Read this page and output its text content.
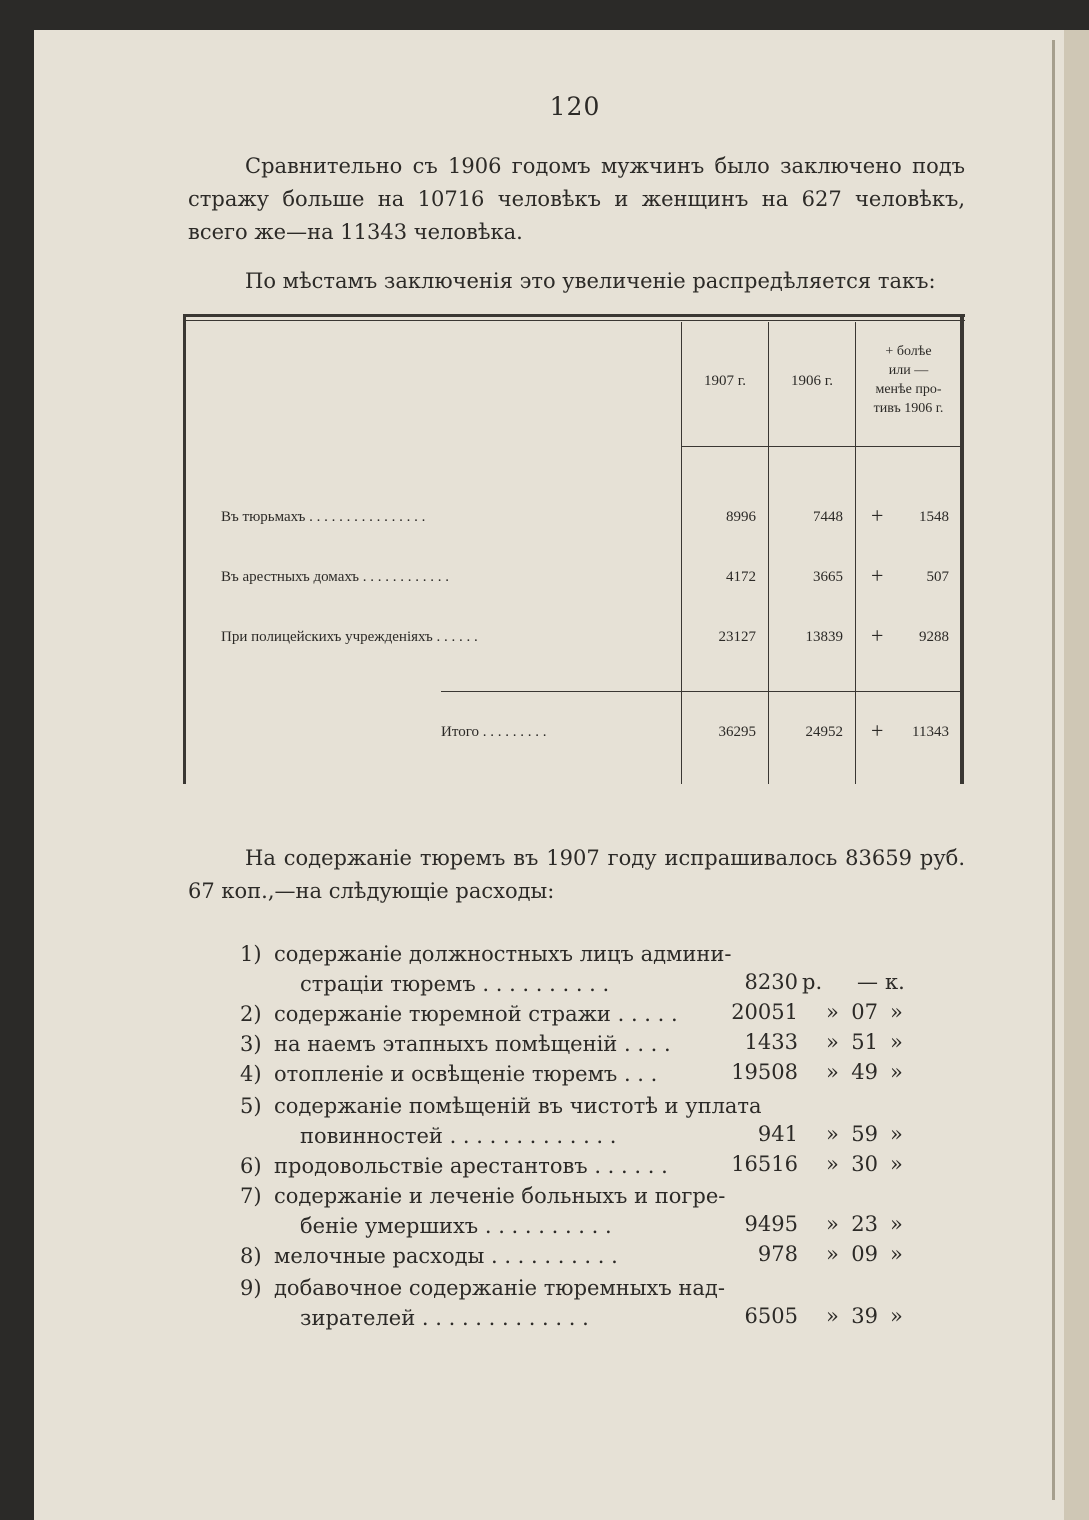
120
Сравнительно съ 1906 годомъ мужчинъ было заключено подъ стражу больше на 10716 человѣкъ и женщинъ на 627 человѣкъ, всего же—на 11343 человѣка.
По мѣстамъ заключенія это увеличеніе распредѣляется такъ:
1907 г.	1906 г.
+ болѣе
или —
менѣе про-
тивъ 1906 г.
Въ тюрьмахъ . . . . . . . . . . . . . . . .	8996	7448 +	1548
Въ арестныхъ домахъ . . . . . . . . . . . .	4172	3665 +	507
При полицейскихъ учрежденіяхъ . . . . . .	23127	13839 +	9288
Итого . . . . . . . . .	36295	24952 +	11343
На содержаніе тюремъ въ 1907 году испрашивалось 83659 руб. 67 коп.,—на слѣдующіе расходы:
1) содержаніе должностныхъ лицъ админи-
страціи тюремъ . . . . . . . . . .	8230 р.	— к.
2) содержаніе тюремной стражи . . . . .	20051 » 07 »
3) на наемъ этапныхъ помѣщеній . . . .	1433 » 51 »
4) отопленіе и освѣщеніе тюремъ . . .	19508 » 49 »
5) содержаніе помѣщеній въ чистотѣ и уплата
повинностей . . . . . . . . . . . . .	941 » 59 »
6) продовольствіе арестантовъ . . . . . .	16516 » 30 »
7) содержаніе и леченіе больныхъ и погре-
беніе умершихъ . . . . . . . . . .	9495 » 23 »
8) мелочные расходы . . . . . . . . . .	978 » 09 »
9) добавочное содержаніе тюремныхъ над-
зирателей . . . . . . . . . . . . .	6505 » 39 »
